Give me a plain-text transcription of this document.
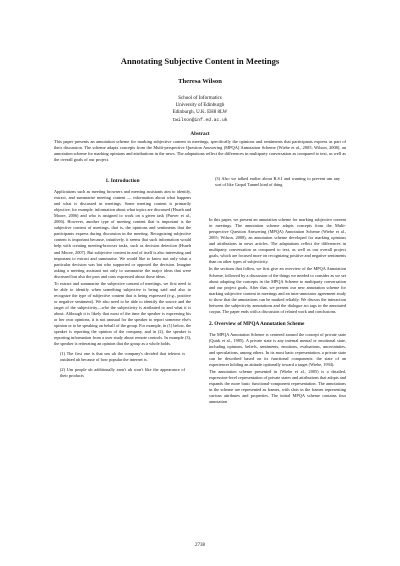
Annotating Subjective Content in Meetings
Theresa Wilson
School of Informatics
University of Edinburgh
Edinburgh, U.K. EH8 8LW
twilson@inf.ed.ac.uk
Abstract
This paper presents an annotation scheme for marking subjective content in meetings, specifically the opinions and sentiments that participants express as part of their discussion. The scheme adapts concepts from the Multi-perspective Question Answering (MPQA) Annotation Scheme (Wiebe et al., 2005; Wilson, 2008), an annotation scheme for marking opinions and attributions in the news. The adaptations reflect the differences in multiparty conversation as compared to text, as well as the overall goals of our project.
1. Introduction

Applications such as meeting browsers and meeting assistants aim to identify, extract, and summarise meeting content — information about what happens and what is discussed in meetings. Some meeting content is primarily objective, for example, information about what topics are discussed (Hsueh and Moore, 2006) and who is assigned to work on a given task (Purver et al., 2006). However, another type of meeting content that is important is the subjective content of meetings, that is, the opinions and sentiments that the participants express during discussion in the meeting. Recognizing subjective content is important because, intuitively, it seems that such information would help with creating meeting-browser tasks, such as decision detection (Hsueh and Moore, 2007). But subjective content in and of itself is also interesting and important to extract and summarise. We would like to know not only what a particular decision was but who supported or opposed the decision. Imagine asking a meeting assistant not only to summarise the major ideas that were discussed but also the pros and cons expressed about those ideas.

To extract and summarise the subjective content of meetings, we first need to be able to identify when something subjective is being said and also to recognize the type of subjective content that is being expressed (e.g., positive or negative sentiment). We also need to be able to identify the source and the target of the subjectivity—who the subjectivity is attributed to and what it is about. Although it is likely that most of the time the speaker is expressing his or her own opinions, it is not unusual for the speaker to report someone else's opinion or to be speaking on behalf of the group. For example, in (1) below, the speaker is reporting the opinion of the company, and in (2), the speaker is reporting information from a user study about remote controls. In example (3), the speaker is reiterating an opinion that the group as a whole holds.

(1) The first one is that um uh the company's decided that teletext is outdated uh because of how popular the internet is.

(2) Um people uh additionally aren't uh won't like the appearance of their products

(3) Also we talked earlier about R.S.I and wanting to prevent um any sort of like Carpal Tunnel kind of thing

In this paper, we present an annotation scheme for marking subjective content in meetings. The annotation scheme adapts concepts from the Multi-perspective Question Answering (MPQA) Annotation Scheme (Wiebe et al., 2005; Wilson, 2008), an annotation scheme developed for marking opinions and attributions in news articles. The adaptations reflect the differences in multiparty conversation as compared to text, as well as our overall project goals, which are focused more on recognizing positive and negative sentiments than on other types of subjectivity.

In the sections that follow, we first give an overview of the MPQA Annotation Scheme, followed by a discussion of the things we needed to consider as we set about adapting the concepts in the MPQA Scheme to multiparty conversation and our project goals. After that, we present our new annotation scheme for marking subjective content in meetings and an inter-annotator agreement study to show that the annotations can be marked reliably. We discuss the interaction between the subjectivity annotations and the dialogue act tags in the annotated corpus. The paper ends with a discussion of related work and conclusions.

2. Overview of MPQA Annotation Scheme

The MPQA Annotation Scheme is centered around the concept of private state (Quirk et al., 1985). A private state is any internal mental or emotional state, including opinions, beliefs, sentiments, emotions, evaluations, uncertainties, and speculations, among others. In its most basic representation, a private state can be described based on its functional components: the state of an experiencer holding an attitude optionally toward a target (Wiebe, 1994).

The annotation scheme presented in (Wiebe et al., 2005) is a detailed, expression-level representation of private states and attributions that adopts and expands the more basic functional-component representation. The annotations in the scheme are represented as frames, with slots in the frames representing various attributes and properties. The initial MPQA scheme contains four annotation

2738
